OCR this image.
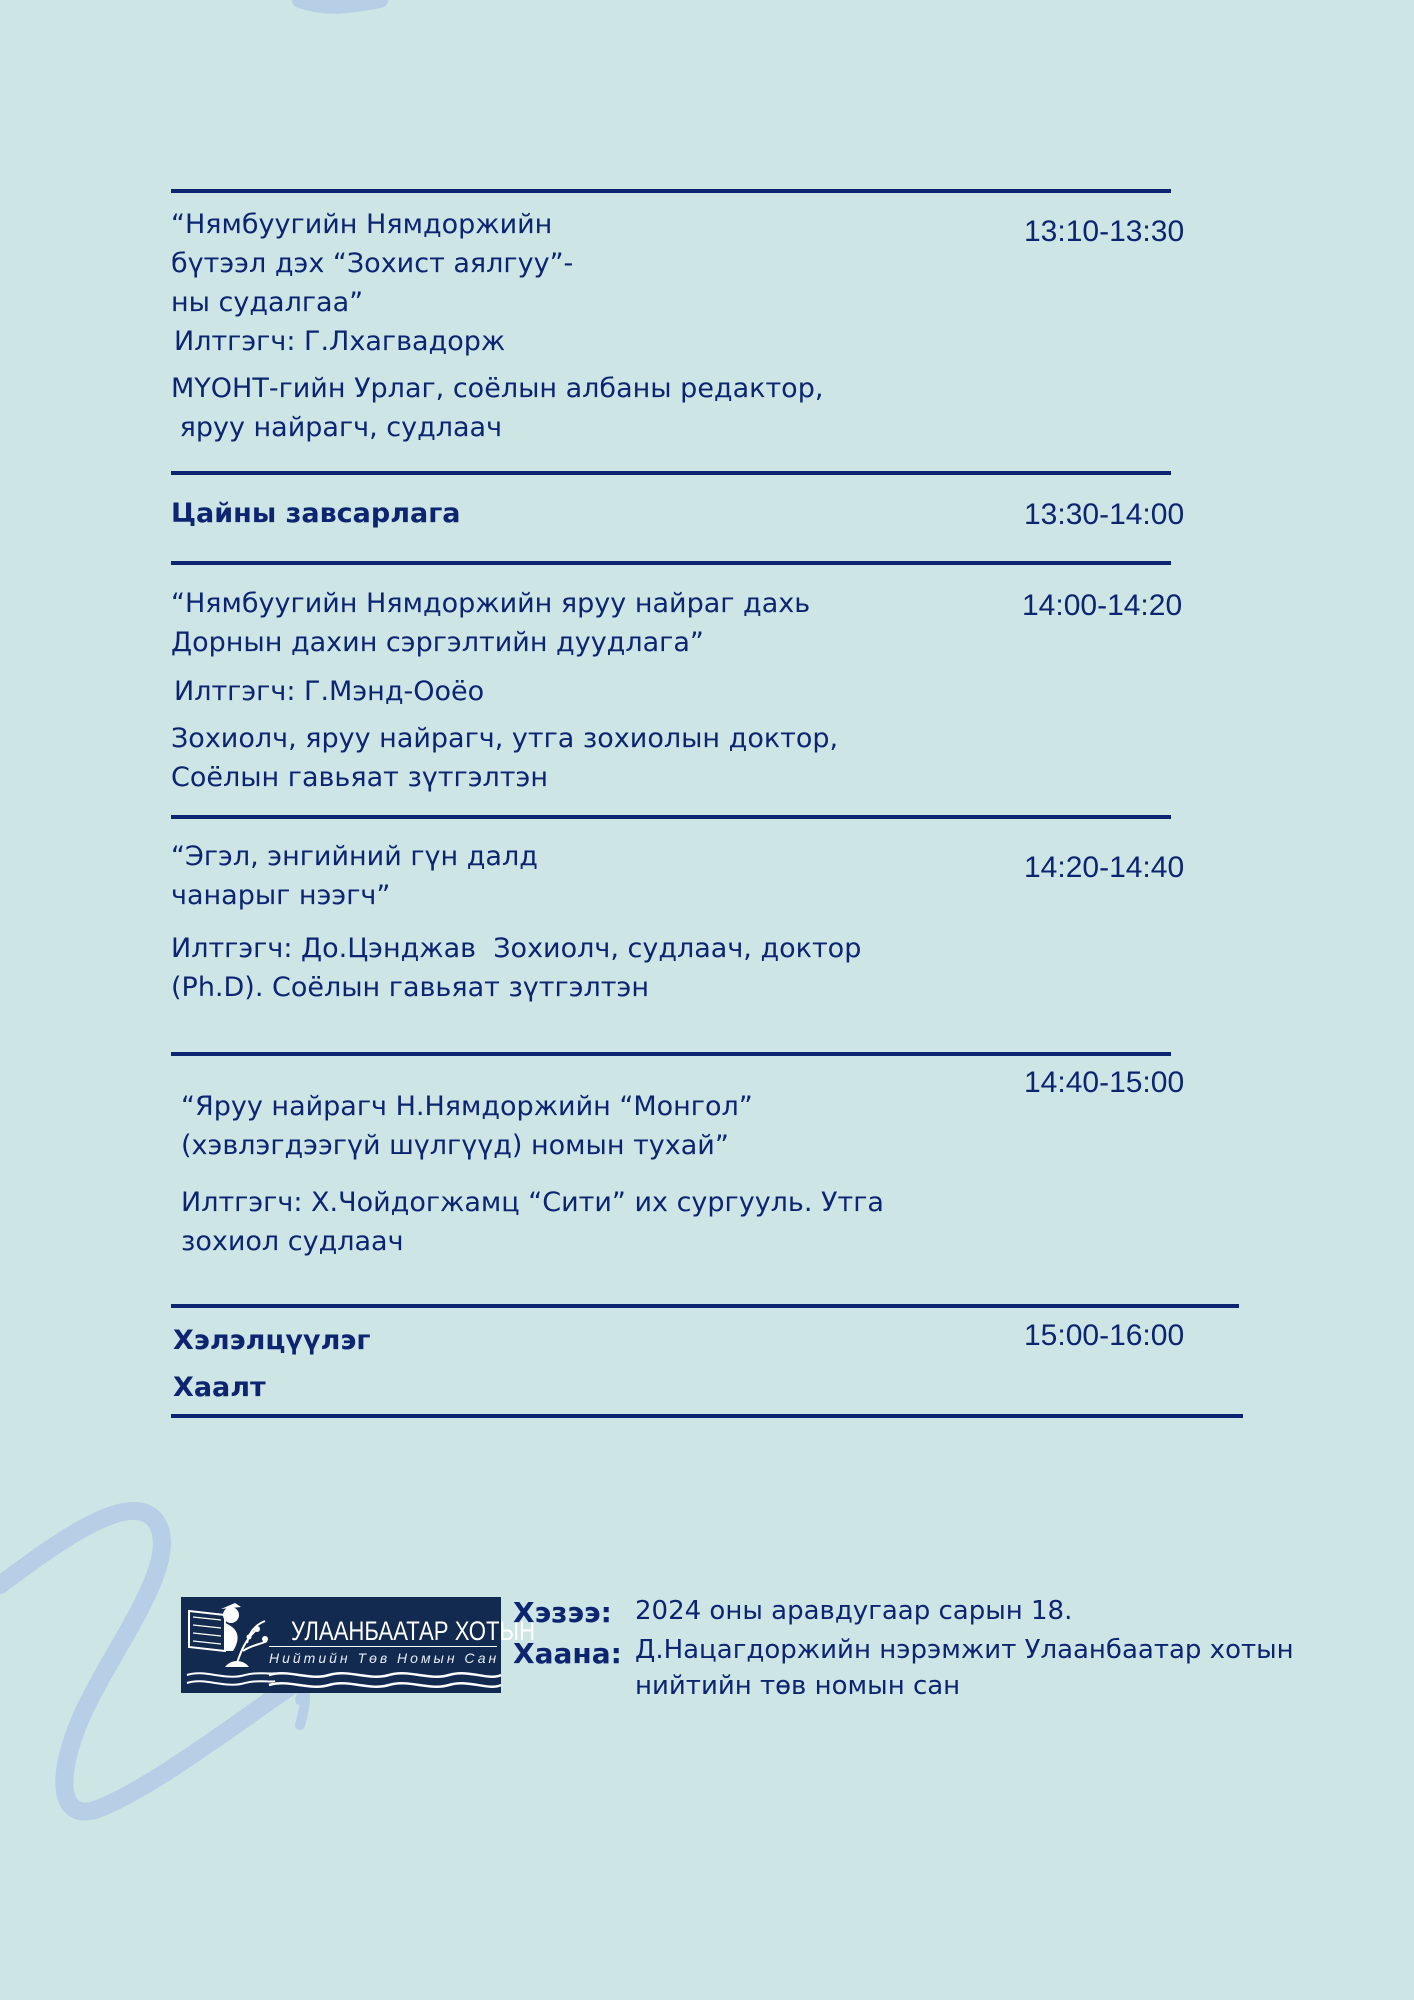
“Нямбуугийн Нямдоржийн
бүтээл дэх “Зохист аялгуу”-
ны судалгаа”
Илтгэгч: Г.Лхагвадорж
МҮОНТ-гийн Урлаг, соёлын албаны редактор,
яруу найрагч, судлаач
13:10-13:30
Цайны завсарлага	13:30-14:00
“Нямбуугийн Нямдоржийн яруу найраг дахь
Дорнын дахин сэргэлтийн дуудлага”
Илтгэгч: Г.Мэнд-Ооёо
Зохиолч, яруу найрагч, утга зохиолын доктор,
Соёлын гавьяат зүтгэлтэн
14:00-14:20
“Эгэл, энгийний гүн далд
чанарыг нээгч”
Илтгэгч: До.Цэнджав  Зохиолч, судлаач, доктор
(Ph.D). Соёлын гавьяат зүтгэлтэн
14:20-14:40
“Яруу найрагч Н.Нямдоржийн “Монгол”
(хэвлэгдээгүй шүлгүүд) номын тухай”
Илтгэгч: Х.Чойдогжамц “Сити” их сургууль. Утга
зохиол судлаач
14:40-15:00
Хэлэлцүүлэг
Хаалт
15:00-16:00
УЛААНБААТАР ХОТЫН
Нийтийн Төв Номын Сан
Хэзээ: 2024 оны аравдугаар сарын 18.
Хаана: Д.Нацагдоржийн нэрэмжит Улаанбаатар хотын
нийтийн төв номын сан
